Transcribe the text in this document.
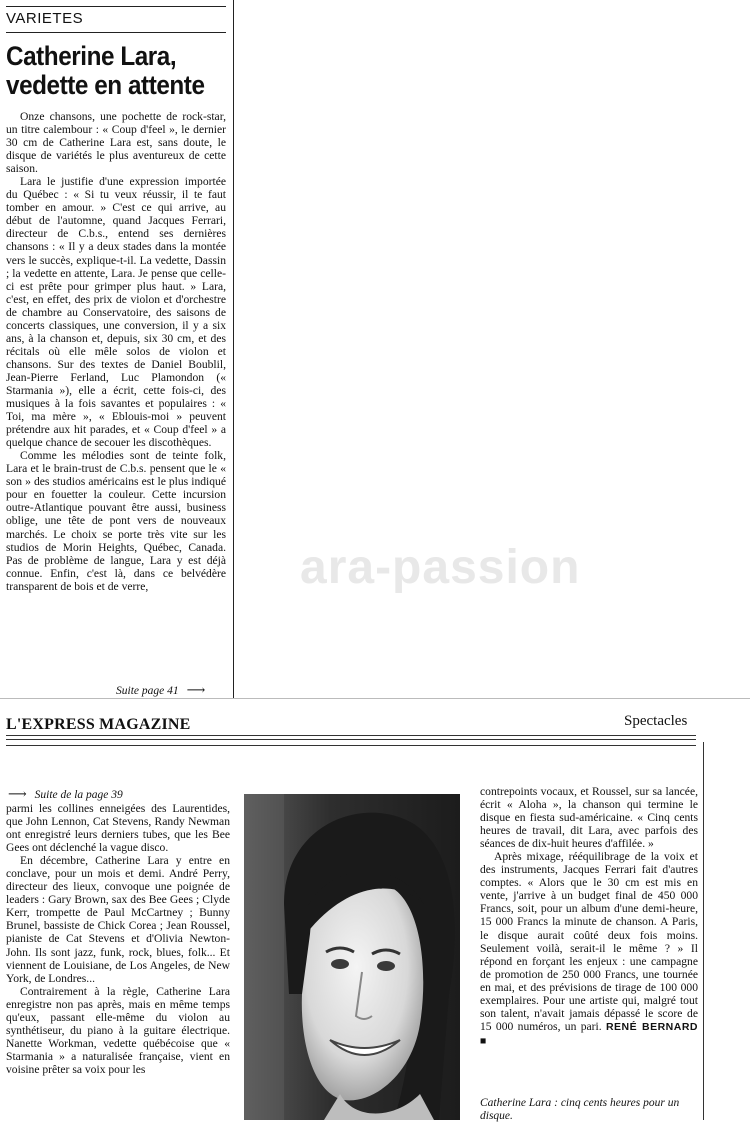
VARIETES
Catherine Lara,
vedette en attente

Onze chansons, une pochette de rock-star, un titre calembour : « Coup d'feel », le dernier 30 cm de Catherine Lara est, sans doute, le disque de variétés le plus aventureux de cette saison.

Lara le justifie d'une expression importée du Québec : « Si tu veux réussir, il te faut tomber en amour. » C'est ce qui arrive, au début de l'automne, quand Jacques Ferrari, directeur de C.b.s., entend ses dernières chansons : « Il y a deux stades dans la montée vers le succès, explique-t-il. La vedette, Dassin ; la vedette en attente, Lara. Je pense que celle-ci est prête pour grimper plus haut. » Lara, c'est, en effet, des prix de violon et d'orchestre de chambre au Conservatoire, des saisons de concerts classiques, une conversion, il y a six ans, à la chanson et, depuis, six 30 cm, et des récitals où elle mêle solos de violon et chansons. Sur des textes de Daniel Boublil, Jean-Pierre Ferland, Luc Plamondon (« Starmania »), elle a écrit, cette fois-ci, des musiques à la fois savantes et populaires : « Toi, ma mère », « Eblouis-moi » peuvent prétendre aux hit parades, et « Coup d'feel » a quelque chance de secouer les discothèques.

Comme les mélodies sont de teinte folk, Lara et le brain-trust de C.b.s. pensent que le « son » des studios américains est le plus indiqué pour en fouetter la couleur. Cette incursion outre-Atlantique pouvant être aussi, business oblige, une tête de pont vers de nouveaux marchés. Le choix se porte très vite sur les studios de Morin Heights, Québec, Canada. Pas de problème de langue, Lara y est déjà connue. Enfin, c'est là, dans ce belvédère transparent de bois et de verre,

Suite page 41 ⟶
ara-passion
L'EXPRESS MAGAZINE	Spectacles
⟶ Suite de la page 39

parmi les collines enneigées des Laurentides, que John Lennon, Cat Stevens, Randy Newman ont enregistré leurs derniers tubes, que les Bee Gees ont déclenché la vague disco.

En décembre, Catherine Lara y entre en conclave, pour un mois et demi. André Perry, directeur des lieux, convoque une poignée de leaders : Gary Brown, sax des Bee Gees ; Clyde Kerr, trompette de Paul McCartney ; Bunny Brunel, bassiste de Chick Corea ; Jean Roussel, pianiste de Cat Stevens et d'Olivia Newton-John. Ils sont jazz, funk, rock, blues, folk... Et viennent de Louisiane, de Los Angeles, de New York, de Londres...

Contrairement à la règle, Catherine Lara enregistre non pas après, mais en même temps qu'eux, passant elle-même du violon au synthétiseur, du piano à la guitare électrique. Nanette Workman, vedette québécoise que « Starmania » a naturalisée française, vient en voisine prêter sa voix pour les

contrepoints vocaux, et Roussel, sur sa lancée, écrit « Aloha », la chanson qui termine le disque en fiesta sud-américaine. « Cinq cents heures de travail, dit Lara, avec parfois des séances de dix-huit heures d'affilée. »

Après mixage, rééquilibrage de la voix et des instruments, Jacques Ferrari fait d'autres comptes. « Alors que le 30 cm est mis en vente, j'arrive à un budget final de 450 000 Francs, soit, pour un album d'une demi-heure, 15 000 Francs la minute de chanson. A Paris, le disque aurait coûté deux fois moins. Seulement voilà, serait-il le même ? » Il répond en forçant les enjeux : une campagne de promotion de 250 000 Francs, une tournée en mai, et des prévisions de tirage de 100 000 exemplaires. Pour une artiste qui, malgré tout son talent, n'avait jamais dépassé le score de 15 000 numéros, un pari. RENÉ BERNARD ■

Catherine Lara : cinq cents heures pour un disque.
